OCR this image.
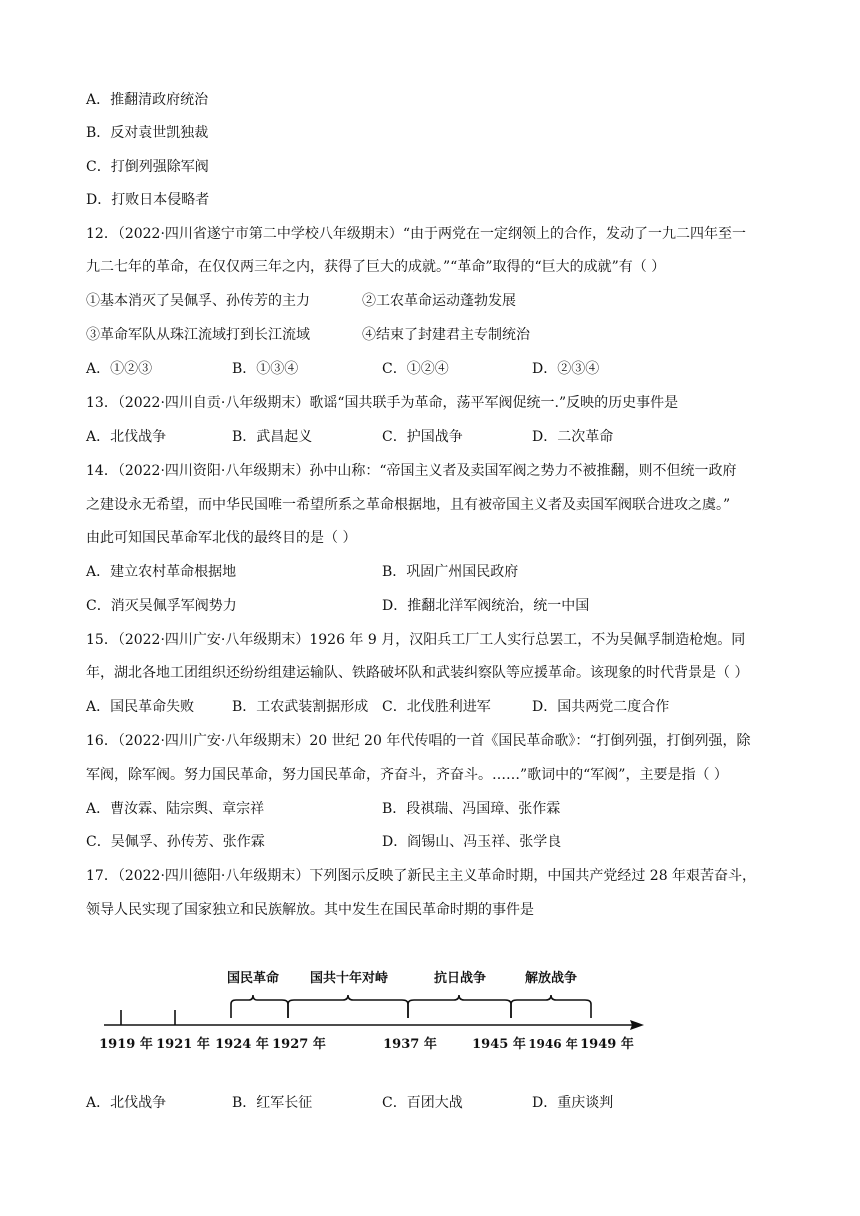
A．推翻清政府统治
B．反对袁世凯独裁
C．打倒列强除军阀
D．打败日本侵略者
12．（2022·四川省遂宁市第二中学校八年级期末）“由于两党在一定纲领上的合作，发动了一九二四年至一
九二七年的革命，在仅仅两三年之内，获得了巨大的成就。”“革命”取得的“巨大的成就”有（ ）
①基本消灭了吴佩孚、孙传芳的主力	②工农革命运动蓬勃发展
③革命军队从珠江流域打到长江流域	④结束了封建君主专制统治
A．①②③	B．①③④	C．①②④	D．②③④
13．（2022·四川自贡·八年级期末）歌谣“国共联手为革命，荡平军阀促统一.”反映的历史事件是
A．北伐战争	B．武昌起义	C．护国战争	D．二次革命
14．（2022·四川资阳·八年级期末）孙中山称：“帝国主义者及卖国军阀之势力不被推翻，则不但统一政府
之建设永无希望，而中华民国唯一希望所系之革命根据地，且有被帝国主义者及卖国军阀联合进攻之虞。”
由此可知国民革命军北伐的最终目的是（ ）
A．建立农村革命根据地	B．巩固广州国民政府
C．消灭吴佩孚军阀势力	D．推翻北洋军阀统治，统一中国
15．（2022·四川广安·八年级期末）1926 年 9 月，汉阳兵工厂工人实行总罢工，不为吴佩孚制造枪炮。同
年，湖北各地工团组织还纷纷组建运输队、铁路破坏队和武装纠察队等应援革命。该现象的时代背景是（ ）
A．国民革命失败	B．工农武装割据形成 C．北伐胜利进军	D．国共两党二度合作
16．（2022·四川广安·八年级期末）20 世纪 20 年代传唱的一首《国民革命歌》：“打倒列强，打倒列强，除
军阀，除军阀。努力国民革命，努力国民革命，齐奋斗，齐奋斗。……”歌词中的“军阀”，主要是指（ ）
A．曹汝霖、陆宗舆、章宗祥	B．段祺瑞、冯国璋、张作霖
C．吴佩孚、孙传芳、张作霖	D．阎锡山、冯玉祥、张学良
17．（2022·四川德阳·八年级期末）下列图示反映了新民主主义革命时期，中国共产党经过 28 年艰苦奋斗，
领导人民实现了国家独立和民族解放。其中发生在国民革命时期的事件是
国民革命 国共十年对峙	抗日战争	解放战争
1919 年 1921 年 1924 年 1927 年	1937 年	1945 年 1946 年 1949 年
A．北伐战争	B．红军长征	C．百团大战	D．重庆谈判
